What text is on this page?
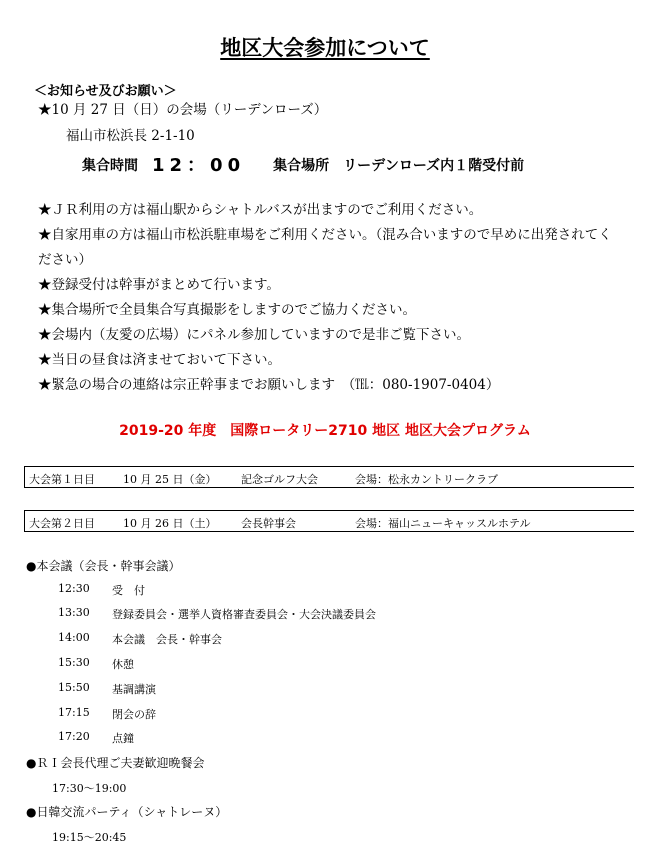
地区大会参加について
＜お知らせ及びお願い＞
★10 月 27 日（日）の会場（リーデンローズ）
福山市松浜長 2-1-10
集合時間 12：00 集合場所 リーデンローズ内１階受付前
★ＪＲ利用の方は福山駅からシャトルバスが出ますのでご利用ください。
★自家用車の方は福山市松浜駐車場をご利用ください。（混み合いますので早めに出発されてください）
★登録受付は幹事がまとめて行います。
★集合場所で全員集合写真撮影をしますのでご協力ください。
★会場内（友愛の広場）にパネル参加していますので是非ご覧下さい。
★当日の昼食は済ませておいて下さい。
★緊急の場合の連絡は宗正幹事までお願いします　（℡：080-1907-0404）
2019-20 年度　国際ロータリー2710 地区 地区大会プログラム
大会第１日目	10 月 25 日（金） 記念ゴルフ大会	会場：松永カントリークラブ
大会第２日目	10 月 26 日（土） 会長幹事会	会場：福山ニューキャッスルホテル
●本会議（会長・幹事会議）
12:30 受　付
13:30 登録委員会・選挙人資格審査委員会・大会決議委員会
14:00 本会議　会長・幹事会
15:30 休憩
15:50 基調講演
17:15 閉会の辞
17:20 点鐘
●ＲＩ会長代理ご夫妻歓迎晩餐会
17:30～19:00
●日韓交流パーティ（シャトレーヌ）
19:15～20:45
